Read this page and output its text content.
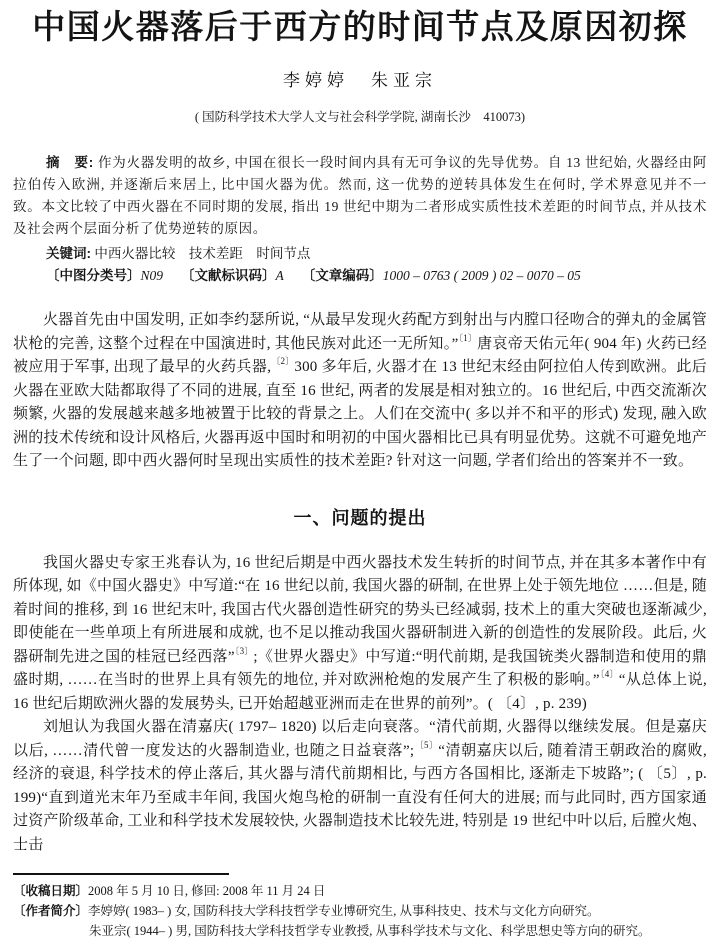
中国火器落后于西方的时间节点及原因初探
李婷婷　朱亚宗
( 国防科学技术大学人文与社会科学学院, 湖南长沙　410073)

摘　要: 作为火器发明的故乡, 中国在很长一段时间内具有无可争议的先导优势。自 13 世纪始, 火器经由阿拉伯传入欧洲, 并逐渐后来居上, 比中国火器为优。然而, 这一优势的逆转具体发生在何时, 学术界意见并不一致。本文比较了中西火器在不同时期的发展, 指出 19 世纪中期为二者形成实质性技术差距的时间节点, 并从技术及社会两个层面分析了优势逆转的原因。

关键词: 中西火器比较　技术差距　时间节点

〔中图分类号〕N09 〔文献标识码〕A 〔文章编码〕1000 – 0763 ( 2009 ) 02 – 0070 – 05

火器首先由中国发明, 正如李约瑟所说, “从最早发现火药配方到射出与内膛口径吻合的弹丸的金属管状枪的完善, 这整个过程在中国演进时, 其他民族对此还一无所知。”$^{〔1〕}$唐哀帝天佑元年( 904 年) 火药已经被应用于军事, 出现了最早的火药兵器,$^{〔2〕}$300 多年后, 火器才在 13 世纪末经由阿拉伯人传到欧洲。此后火器在亚欧大陆都取得了不同的进展, 直至 16 世纪, 两者的发展是相对独立的。16 世纪后, 中西交流渐次频繁, 火器的发展越来越多地被置于比较的背景之上。人们在交流中( 多以并不和平的形式) 发现, 融入欧洲的技术传统和设计风格后, 火器再返中国时和明初的中国火器相比已具有明显优势。这就不可避免地产生了一个问题, 即中西火器何时呈现出实质性的技术差距? 针对这一问题, 学者们给出的答案并不一致。

一、问题的提出

我国火器史专家王兆春认为, 16 世纪后期是中西火器技术发生转折的时间节点, 并在其多本著作中有所体现, 如《中国火器史》中写道:“在 16 世纪以前, 我国火器的研制, 在世界上处于领先地位 ……但是, 随着时间的推移, 到 16 世纪末叶, 我国古代火器创造性研究的势头已经减弱, 技术上的重大突破也逐渐减少, 即使能在一些单项上有所进展和成就, 也不足以推动我国火器研制进入新的创造性的发展阶段。此后, 火器研制先进之国的桂冠已经西落”$^{〔3〕}$;《世界火器史》中写道:“明代前期, 是我国铳类火器制造和使用的鼎盛时期, ……在当时的世界上具有领先的地位, 并对欧洲枪炮的发展产生了积极的影响。”$^{〔4〕}$“从总体上说, 16 世纪后期欧洲火器的发展势头, 已开始超越亚洲而走在世界的前列”。( 〔4〕, p. 239)

刘旭认为我国火器在清嘉庆( 1797– 1820) 以后走向衰落。“清代前期, 火器得以继续发展。但是嘉庆以后, ……清代曾一度发达的火器制造业, 也随之日益衰落”;$^{〔5〕}$“清朝嘉庆以后, 随着清王朝政治的腐败, 经济的衰退, 科学技术的停止落后, 其火器与清代前期相比, 与西方各国相比, 逐渐走下坡路”; ( 〔5〕, p. 199)“直到道光末年乃至咸丰年间, 我国火炮鸟枪的研制一直没有任何大的进展; 而与此同时, 西方国家通过资产阶级革命, 工业和科学技术发展较快, 火器制造技术比较先进, 特别是 19 世纪中叶以后, 后膛火炮、士击

〔收稿日期〕2008 年 5 月 10 日, 修回: 2008 年 11 月 24 日

〔作者简介〕李婷婷( 1983– ) 女, 国防科技大学科技哲学专业博研究生, 从事科技史、技术与文化方向研究。
朱亚宗( 1944– ) 男, 国防科技大学科技哲学专业教授, 从事科学技术与文化、科学思想史等方向的研究。
